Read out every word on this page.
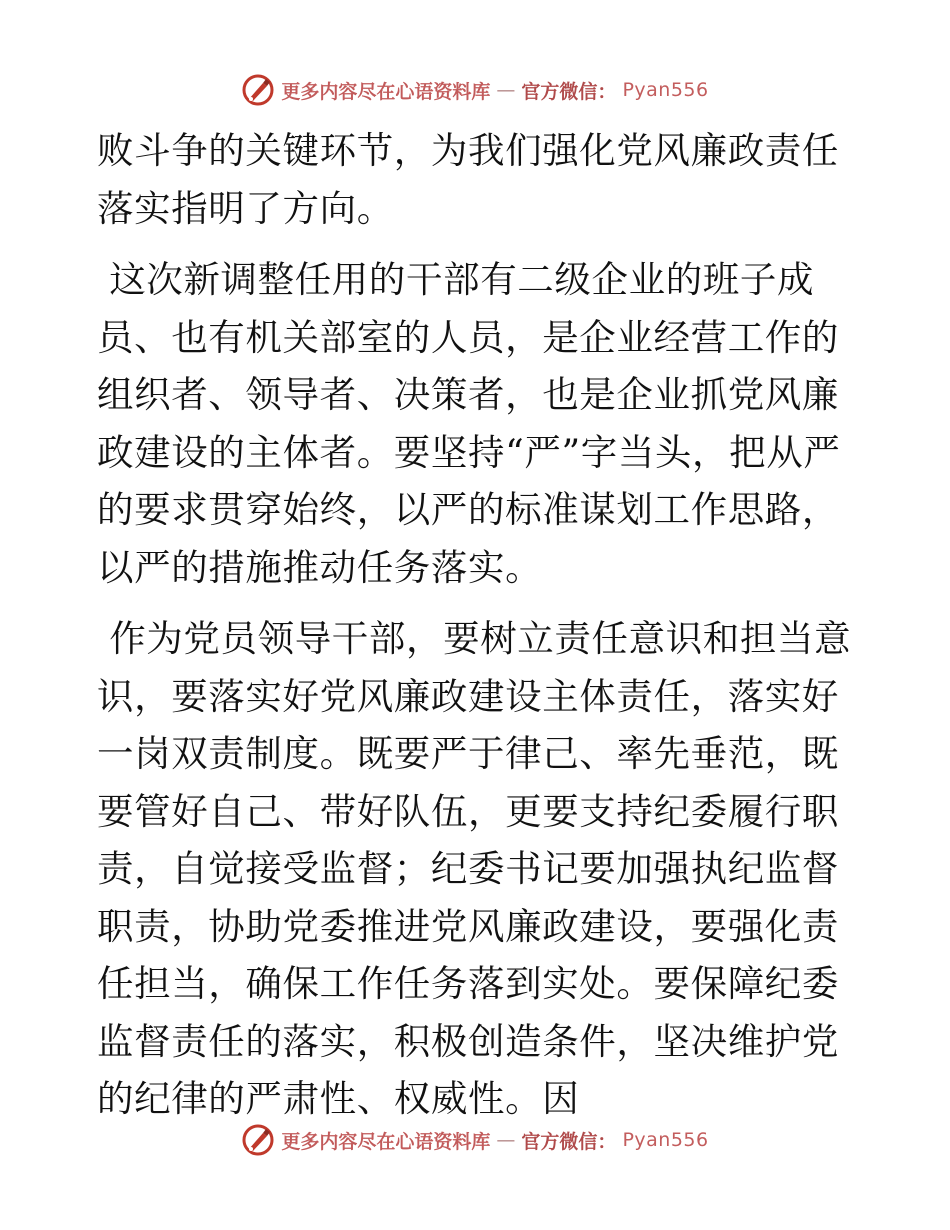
更多内容尽在心语资料库 — 官方微信： Pyan556

败斗争的关键环节，为我们强化党风廉政责任落实指明了方向。

这次新调整任用的干部有二级企业的班子成员、也有机关部室的人员，是企业经营工作的组织者、领导者、决策者，也是企业抓党风廉政建设的主体者。要坚持“严”字当头，把从严的要求贯穿始终，以严的标准谋划工作思路，以严的措施推动任务落实。

作为党员领导干部，要树立责任意识和担当意识，要落实好党风廉政建设主体责任，落实好一岗双责制度。既要严于律己、率先垂范，既要管好自己、带好队伍，更要支持纪委履行职责，自觉接受监督；纪委书记要加强执纪监督职责，协助党委推进党风廉政建设，要强化责任担当，确保工作任务落到实处。要保障纪委监督责任的落实，积极创造条件，坚决维护党的纪律的严肃性、权威性。因

更多内容尽在心语资料库 — 官方微信： Pyan556
